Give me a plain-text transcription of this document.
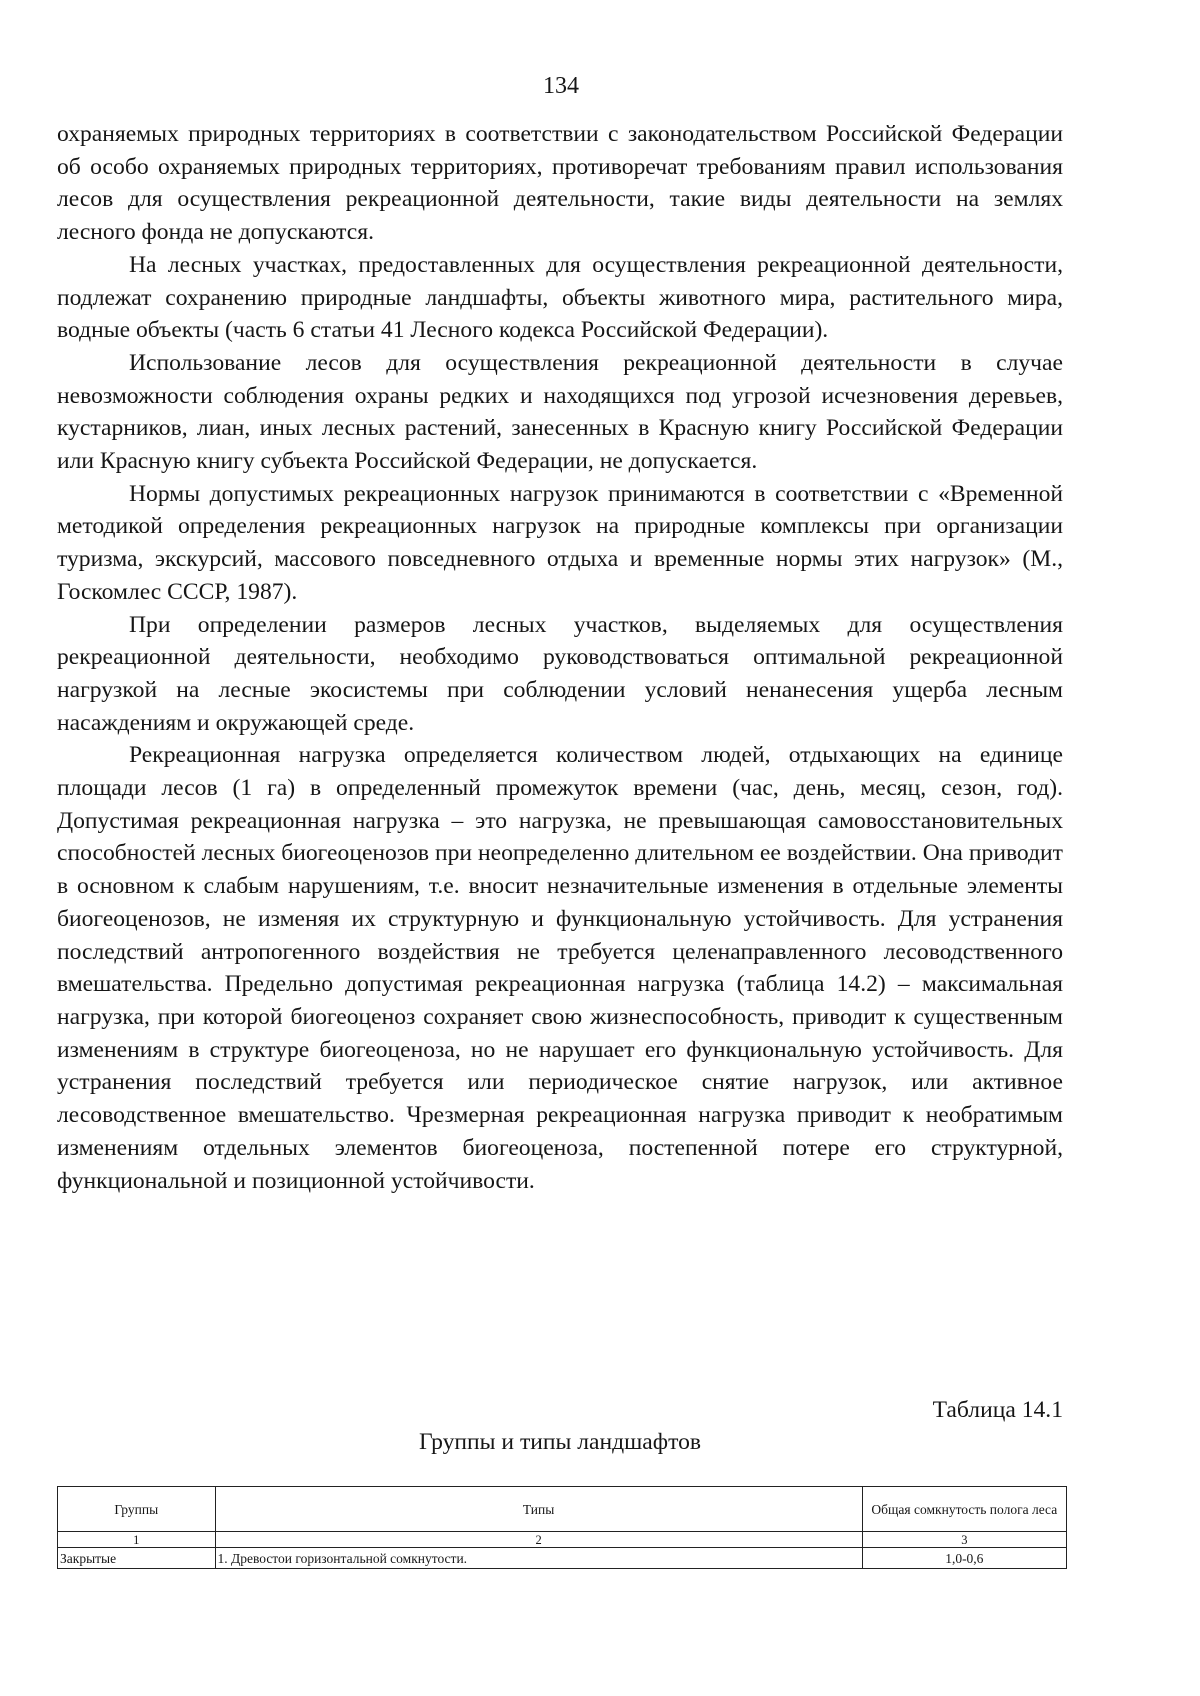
134

охраняемых природных территориях в соответствии с законодательством Российской Федерации об особо охраняемых природных территориях, противоречат требованиям правил использования лесов для осуществления рекреационной деятельности, такие виды деятельности на землях лесного фонда не допускаются.

На лесных участках, предоставленных для осуществления рекреационной деятельности, подлежат сохранению природные ландшафты, объекты животного мира, растительного мира, водные объекты (часть 6 статьи 41 Лесного кодекса Российской Федерации).

Использование лесов для осуществления рекреационной деятельности в случае невозможности соблюдения охраны редких и находящихся под угрозой исчезновения деревьев, кустарников, лиан, иных лесных растений, занесенных в Красную книгу Российской Федерации или Красную книгу субъекта Российской Федерации, не допускается.

Нормы допустимых рекреационных нагрузок принимаются в соответствии с «Временной методикой определения рекреационных нагрузок на природные комплексы при организации туризма, экскурсий, массового повседневного отдыха и временные нормы этих нагрузок» (М., Госкомлес СССР, 1987).

При определении размеров лесных участков, выделяемых для осуществления рекреационной деятельности, необходимо руководствоваться оптимальной рекреационной нагрузкой на лесные экосистемы при соблюдении условий ненанесения ущерба лесным насаждениям и окружающей среде.

Рекреационная нагрузка определяется количеством людей, отдыхающих на единице площади лесов (1 га) в определенный промежуток времени (час, день, месяц, сезон, год). Допустимая рекреационная нагрузка – это нагрузка, не превышающая самовосстановительных способностей лесных биогеоценозов при неопределенно длительном ее воздействии. Она приводит в основном к слабым нарушениям, т.е. вносит незначительные изменения в отдельные элементы биогеоценозов, не изменяя их структурную и функциональную устойчивость. Для устранения последствий антропогенного воздействия не требуется целенаправленного лесоводственного вмешательства. Предельно допустимая рекреационная нагрузка (таблица 14.2) – максимальная нагрузка, при которой биогеоценоз сохраняет свою жизнеспособность, приводит к существенным изменениям в структуре биогеоценоза, но не нарушает его функциональную устойчивость. Для устранения последствий требуется или периодическое снятие нагрузок, или активное лесоводственное вмешательство. Чрезмерная рекреационная нагрузка приводит к необратимым изменениям отдельных элементов биогеоценоза, постепенной потере его структурной, функциональной и позиционной устойчивости.

Таблица 14.1
Группы и типы ландшафтов
Группы	Типы	Общая сомкнутость полога леса
1	2	3
Закрытые	1. Древостои горизонтальной сомкнутости.	1,0-0,6
